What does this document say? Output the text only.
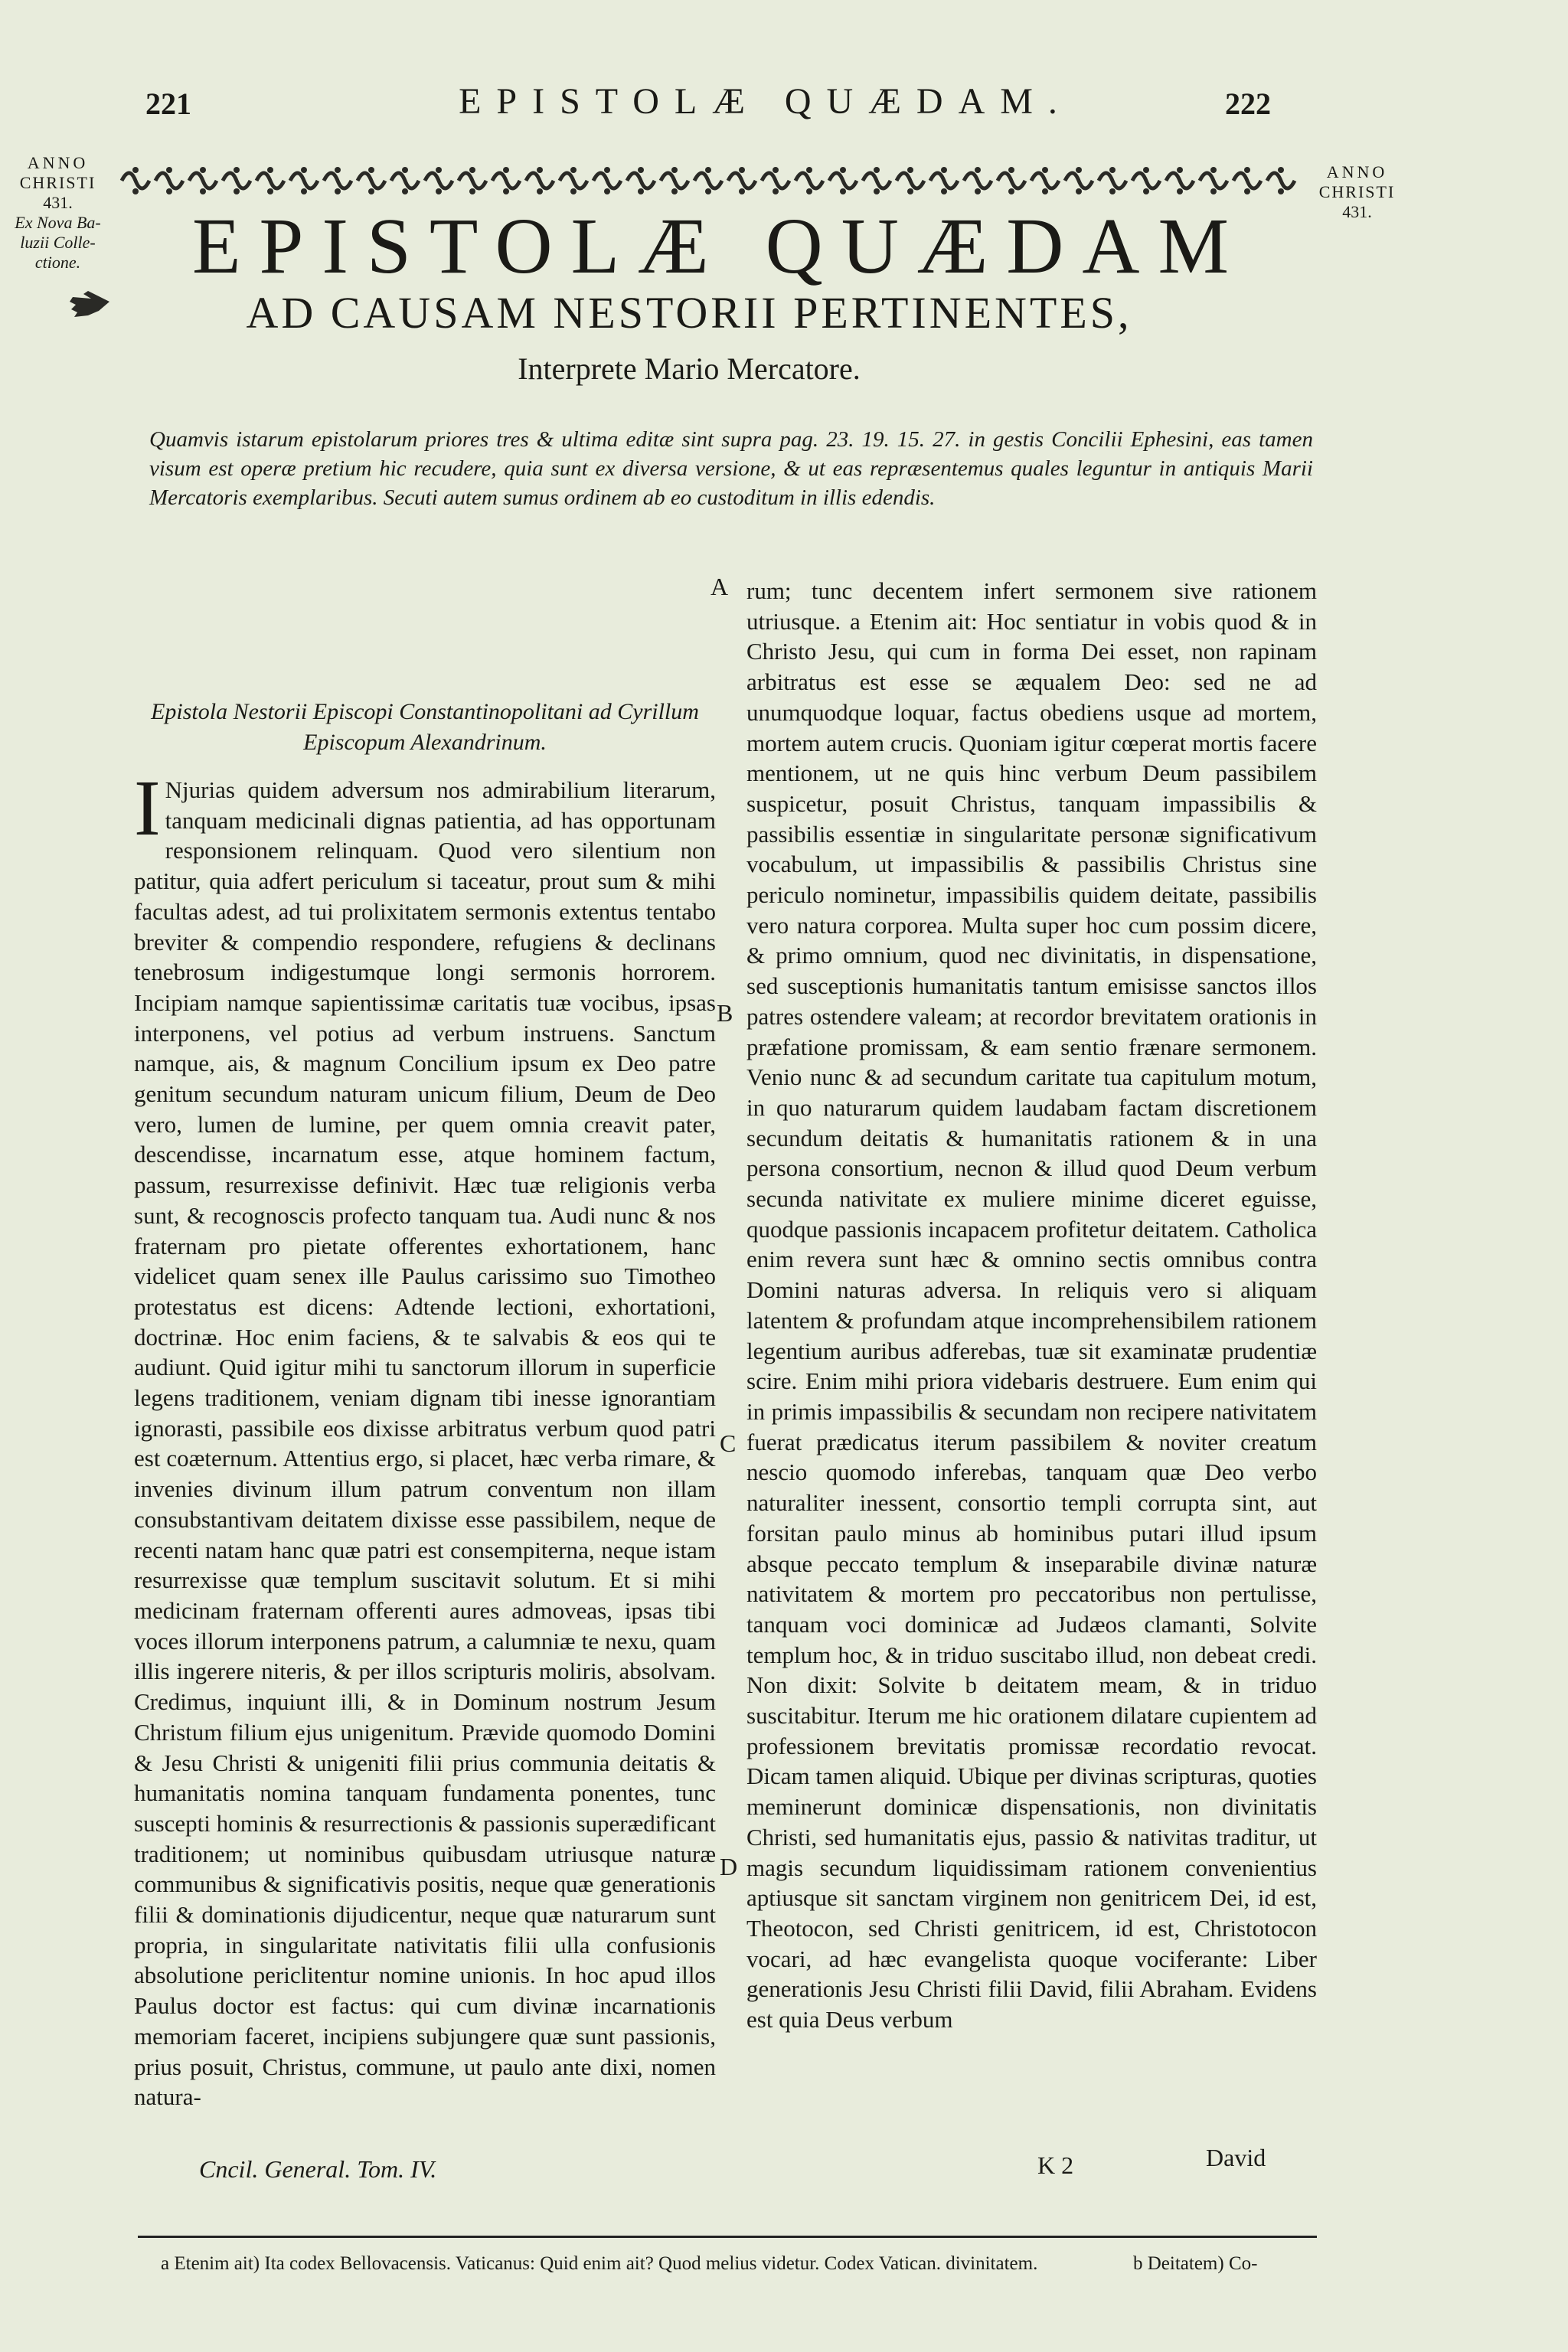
221	EPISTOLÆ QUÆDAM.	222
ANNO
CHRISTI
431.
Ex Nova Ba-
luzii Colle-
ctione.
ANNO
CHRISTI
431.
EPISTOLÆ QUÆDAM
AD CAUSAM NESTORII PERTINENTES,
Interprete Mario Mercatore.
Quamvis istarum epistolarum priores tres & ultima editæ sint supra pag. 23. 19. 15. 27. in gestis Concilii Ephesini, eas tamen visum est operæ pretium hic recudere, quia sunt ex diversa versione, & ut eas repræsentemus quales leguntur in antiquis Marii Mercatoris exemplaribus. Secuti autem sumus ordinem ab eo custoditum in illis edendis.
Epistola Nestorii Episcopi Constantinopolitani ad Cyrillum Episcopum Alexandrinum.
I Njurias quidem adversum nos admirabilium literarum, tanquam medicinali dignas patientia, ad has opportunam responsionem relinquam. Quod vero silentium non patitur, quia adfert periculum si taceatur, prout sum & mihi facultas adest, ad tui prolixitatem sermonis extentus tentabo breviter & compendio respondere, refugiens & declinans tenebrosum indigestumque longi sermonis horrorem. Incipiam namque sapientissimæ caritatis tuæ vocibus, ipsas interponens, vel potius ad verbum instruens. Sanctum namque, ais, & magnum Concilium ipsum ex Deo patre genitum secundum naturam unicum filium, Deum de Deo vero, lumen de lumine, per quem omnia creavit pater, descendisse, incarnatum esse, atque hominem factum, passum, resurrexisse definivit. Hæc tuæ religionis verba sunt, & recognoscis profecto tanquam tua. Audi nunc & nos fraternam pro pietate offerentes exhortationem, hanc videlicet quam senex ille Paulus carissimo suo Timotheo protestatus est dicens: Adtende lectioni, exhortationi, doctrinæ. Hoc enim faciens, & te salvabis & eos qui te audiunt. Quid igitur mihi tu sanctorum illorum in superficie legens traditionem, veniam dignam tibi inesse ignorantiam ignorasti, passibile eos dixisse arbitratus verbum quod patri est coæternum. Attentius ergo, si placet, hæc verba rimare, & invenies divinum illum patrum conventum non illam consubstantivam deitatem dixisse esse passibilem, neque de recenti natam hanc quæ patri est consempiterna, neque istam resurrexisse quæ templum suscitavit solutum. Et si mihi medicinam fraternam offerenti aures admoveas, ipsas tibi voces illorum interponens patrum, a calumniæ te nexu, quam illis ingerere niteris, & per illos scripturis moliris, absolvam. Credimus, inquiunt illi, & in Dominum nostrum Jesum Christum filium ejus unigenitum. Prævide quomodo Domini & Jesu Christi & unigeniti filii prius communia deitatis & humanitatis nomina tanquam fundamenta ponentes, tunc suscepti hominis & resurrectionis & passionis superædificant traditionem; ut nominibus quibusdam utriusque naturæ communibus & significativis positis, neque quæ generationis filii & dominationis dijudicentur, neque quæ naturarum sunt propria, in singularitate nativitatis filii ulla confusionis absolutione periclitentur nomine unionis. In hoc apud illos Paulus doctor est factus: qui cum divinæ incarnationis memoriam faceret, incipiens subjungere quæ sunt passionis, prius posuit, Christus, commune, ut paulo ante dixi, nomen natura-
Cncil. General. Tom. IV.
A
B
C
D
rum; tunc decentem infert sermonem sive rationem utriusque. a Etenim ait: Hoc sentiatur in vobis quod & in Christo Jesu, qui cum in forma Dei esset, non rapinam arbitratus est esse se æqualem Deo: sed ne ad unumquodque loquar, factus obediens usque ad mortem, mortem autem crucis. Quoniam igitur cœperat mortis facere mentionem, ut ne quis hinc verbum Deum passibilem suspicetur, posuit Christus, tanquam impassibilis & passibilis essentiæ in singularitate personæ significativum vocabulum, ut impassibilis & passibilis Christus sine periculo nominetur, impassibilis quidem deitate, passibilis vero natura corporea. Multa super hoc cum possim dicere, & primo omnium, quod nec divinitatis, in dispensatione, sed susceptionis humanitatis tantum emisisse sanctos illos patres ostendere valeam; at recordor brevitatem orationis in præfatione promissam, & eam sentio frænare sermonem. Venio nunc & ad secundum caritate tua capitulum motum, in quo naturarum quidem laudabam factam discretionem secundum deitatis & humanitatis rationem & in una persona consortium, necnon & illud quod Deum verbum secunda nativitate ex muliere minime diceret eguisse, quodque passionis incapacem profitetur deitatem. Catholica enim revera sunt hæc & omnino sectis omnibus contra Domini naturas adversa. In reliquis vero si aliquam latentem & profundam atque incomprehensibilem rationem legentium auribus adferebas, tuæ sit examinatæ prudentiæ scire. Enim mihi priora videbaris destruere. Eum enim qui in primis impassibilis & secundam non recipere nativitatem fuerat prædicatus iterum passibilem & noviter creatum nescio quomodo inferebas, tanquam quæ Deo verbo naturaliter inessent, consortio templi corrupta sint, aut forsitan paulo minus ab hominibus putari illud ipsum absque peccato templum & inseparabile divinæ naturæ nativitatem & mortem pro peccatoribus non pertulisse, tanquam voci dominicæ ad Judæos clamanti, Solvite templum hoc, & in triduo suscitabo illud, non debeat credi. Non dixit: Solvite b deitatem meam, & in triduo suscitabitur. Iterum me hic orationem dilatare cupientem ad professionem brevitatis promissæ recordatio revocat. Dicam tamen aliquid. Ubique per divinas scripturas, quoties meminerunt dominicæ dispensationis, non divinitatis Christi, sed humanitatis ejus, passio & nativitas traditur, ut magis secundum liquidissimam rationem convenientius aptiusque sit sanctam virginem non genitricem Dei, id est, Theotocon, sed Christi genitricem, id est, Christotocon vocari, ad hæc evangelista quoque vociferante: Liber generationis Jesu Christi filii David, filii Abraham. Evidens est quia Deus verbum
K 2	David
a Etenim ait) Ita codex Bellovacensis. Vaticanus: Quid enim ait? Quod melius videtur. Codex Vatican. divinitatem.	b Deitatem) Co-
